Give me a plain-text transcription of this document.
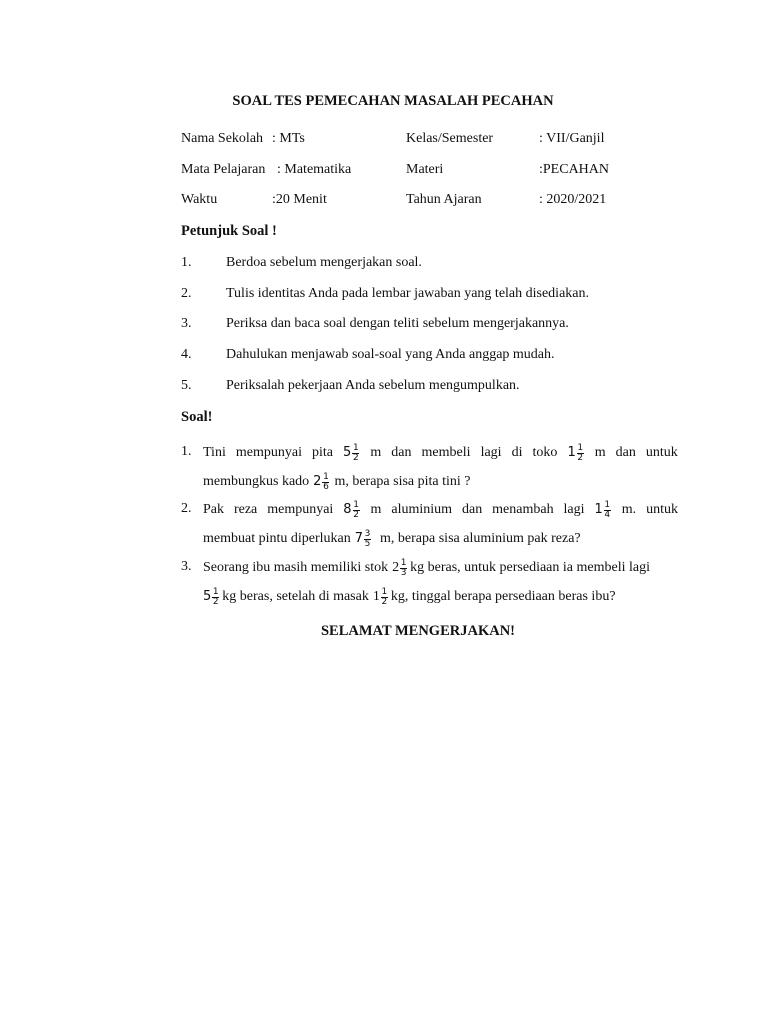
SOAL TES PEMECAHAN MASALAH PECAHAN
Nama Sekolah : MTs	Kelas/Semester	: VII/Ganjil
Mata Pelajaran : Matematika	Materi	:PECAHAN
Waktu	:20 Menit	Tahun Ajaran	: 2020/2021
Petunjuk Soal !
1. Berdoa sebelum mengerjakan soal.
2. Tulis identitas Anda pada lembar jawaban yang telah disediakan.
3. Periksa dan baca soal dengan teliti sebelum mengerjakannya.
4. Dahulukan menjawab soal-soal yang Anda anggap mudah.
5. Periksalah pekerjaan Anda sebelum mengumpulkan.
Soal!
1. Tini mempunyai pita $5 \frac{1}{2}$ m dan membeli lagi di toko $1 \frac{1}{2}$ m dan untuk
membungkus kado $2 \frac{1}{6} m$, berapa sisa pita tini ?
2. Pak reza mempunyai $8 \frac{1}{2}$ m aluminium dan menambah lagi $1 \frac{1}{4} m$. untuk
membuat pintu diperlukan $7 \frac{3}{5} m$, berapa sisa aluminium pak reza?
3. Seorang ibu masih memiliki stok $2 \frac{1}{3}$ kg beras, untuk persediaan ia membeli lagi
$5 \frac{1}{2}$ kg beras, setelah di masak $1 \frac{1}{2}$ kg, tinggal berapa persediaan beras ibu?
SELAMAT MENGERJAKAN!
